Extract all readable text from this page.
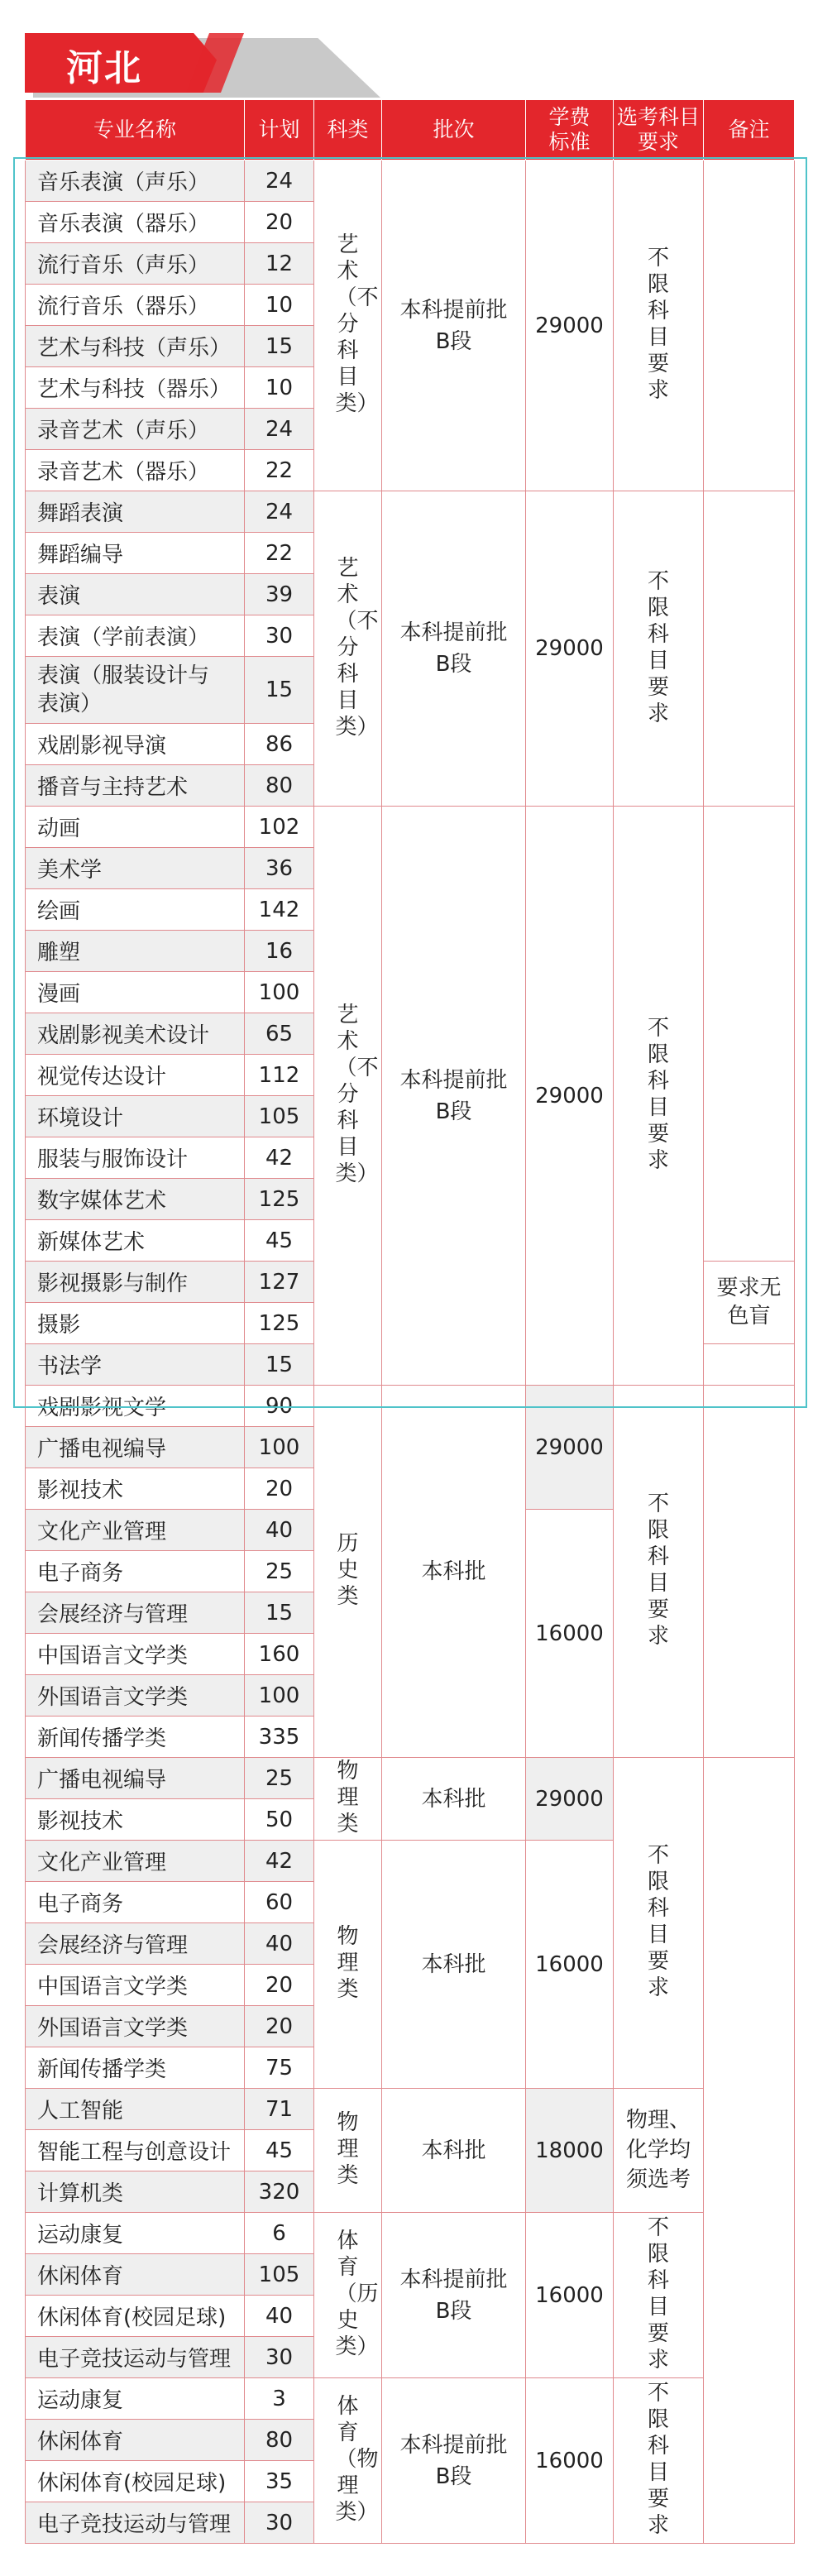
河北
专业名称	计划	科类	批次	学费标准	选考科目要求	备注
音乐表演（声乐）	24	艺术（不分科目类）	本科提前批B段	29000	不限科目要求	
音乐表演（器乐）	20					
流行音乐（声乐）	12					
流行音乐（器乐）	10					
艺术与科技（声乐）	15					
艺术与科技（器乐）	10					
录音艺术（声乐）	24					
录音艺术（器乐）	22					
舞蹈表演	24	艺术（不分科目类）	本科提前批B段	29000	不限科目要求	
舞蹈编导	22					
表演	39					
表演（学前表演）	30					
表演（服装设计与表演）	15					
戏剧影视导演	86					
播音与主持艺术	80					
动画	102	艺术（不分科目类）	本科提前批B段	29000	不限科目要求	
美术学	36					
绘画	142					
雕塑	16					
漫画	100					
戏剧影视美术设计	65					
视觉传达设计	112					
环境设计	105					
服装与服饰设计	42					
数字媒体艺术	125					
新媒体艺术	45					
影视摄影与制作	127					要求无色盲
摄影	125					
书法学	15					
戏剧影视文学	90	历史类	本科批	29000	不限科目要求	
广播电视编导	100					
影视技术	20					
文化产业管理	40			16000		
电子商务	25					
会展经济与管理	15					
中国语言文学类	160					
外国语言文学类	100					
新闻传播学类	335					
广播电视编导	25	物理类	本科批	29000	不限科目要求	
影视技术	50					
文化产业管理	42	物理类	本科批	16000		
电子商务	60					
会展经济与管理	40					
中国语言文学类	20					
外国语言文学类	20					
新闻传播学类	75					
人工智能	71	物理类	本科批	18000	物理、化学均须选考	
智能工程与创意设计	45					
计算机类	320					
运动康复	6	体育（历史类）	本科提前批B段	16000	不限科目要求	
休闲体育	105					
休闲体育(校园足球)	40					
电子竞技运动与管理	30					
运动康复	3	体育（物理类）	本科提前批B段	16000	不限科目要求	
休闲体育	80					
休闲体育(校园足球)	35					
电子竞技运动与管理	30					
